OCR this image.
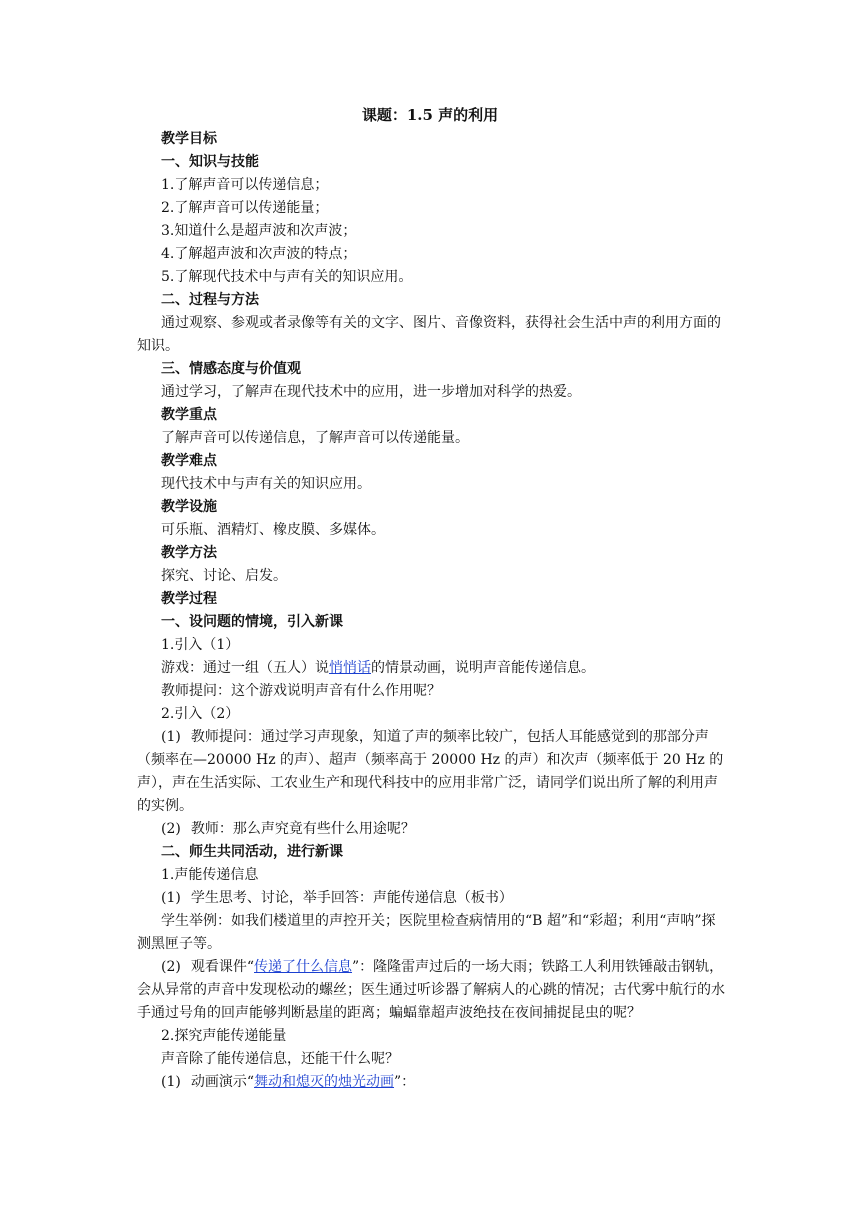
课题：1.5 声的利用

教学目标

一、知识与技能

1.了解声音可以传递信息；

2.了解声音可以传递能量；

3.知道什么是超声波和次声波；

4.了解超声波和次声波的特点；

5.了解现代技术中与声有关的知识应用。

二、过程与方法

通过观察、参观或者录像等有关的文字、图片、音像资料，获得社会生活中声的利用方面的知识。

三、情感态度与价值观

通过学习，了解声在现代技术中的应用，进一步增加对科学的热爱。

教学重点

了解声音可以传递信息，了解声音可以传递能量。

教学难点

现代技术中与声有关的知识应用。

教学设施

可乐瓶、酒精灯、橡皮膜、多媒体。

教学方法

探究、讨论、启发。

教学过程

一、设问题的情境，引入新课

1.引入（1）

游戏：通过一组（五人）说悄悄话的情景动画，说明声音能传递信息。

教师提问：这个游戏说明声音有什么作用呢？

2.引入（2）

(1) 教师提问：通过学习声现象，知道了声的频率比较广，包括人耳能感觉到的那部分声（频率在—20000 Hz 的声）、超声（频率高于 20000 Hz 的声）和次声（频率低于 20 Hz 的声），声在生活实际、工农业生产和现代科技中的应用非常广泛，请同学们说出所了解的利用声的实例。

(2) 教师：那么声究竟有些什么用途呢？

二、师生共同活动，进行新课

1.声能传递信息

(1) 学生思考、讨论，举手回答：声能传递信息（板书）

学生举例：如我们楼道里的声控开关；医院里检查病情用的“B 超”和“彩超；利用“声呐”探测黑匣子等。

(2) 观看课件“传递了什么信息”：隆隆雷声过后的一场大雨；铁路工人利用铁锤敲击钢轨，会从异常的声音中发现松动的螺丝；医生通过听诊器了解病人的心跳的情况；古代雾中航行的水手通过号角的回声能够判断悬崖的距离；蝙蝠靠超声波绝技在夜间捕捉昆虫的呢？

2.探究声能传递能量

声音除了能传递信息，还能干什么呢？

(1) 动画演示“舞动和熄灭的烛光动画”：
